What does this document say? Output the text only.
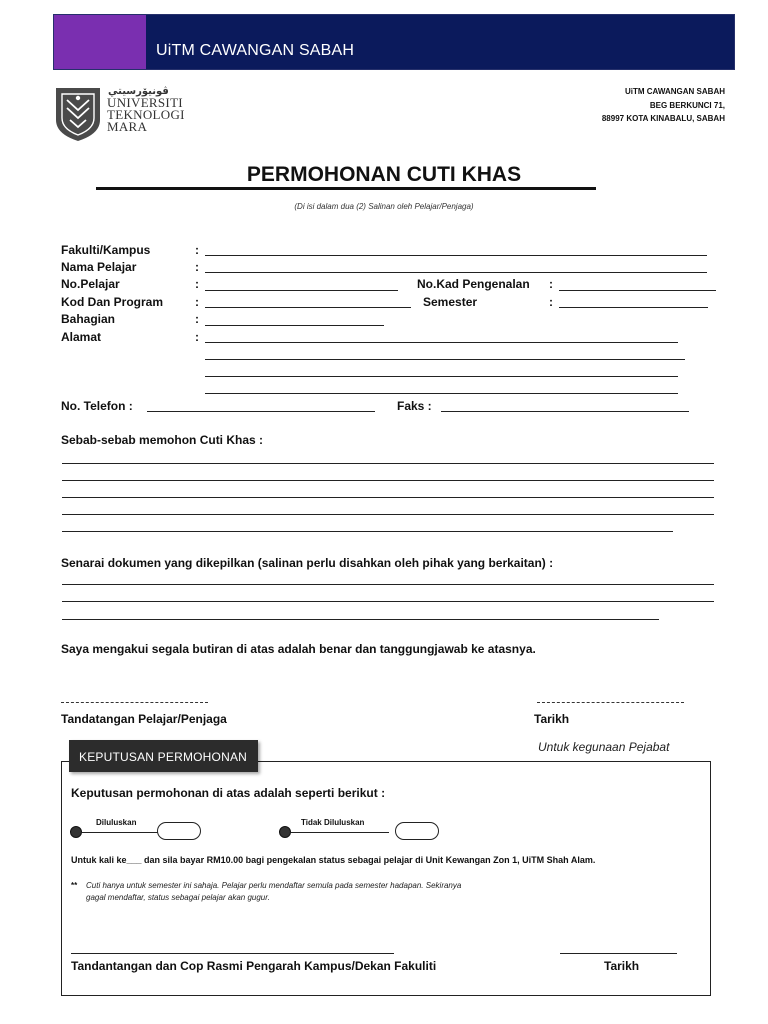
UiTM CAWANGAN SABAH
ﭬﻮﻧﻴﯚﺭﺳﻴﺘﻲ
UNIVERSITI
TEKNOLOGI
MARA
UiTM CAWANGAN SABAH
BEG BERKUNCI 71,
88997 KOTA KINABALU, SABAH
PERMOHONAN CUTI KHAS
(Di isi dalam dua (2) Salinan oleh Pelajar/Penjaga)
Fakulti/Kampus	:
Nama Pelajar	:
No.Pelajar	:	No.Kad Pengenalan :
Kod Dan Program	:	Semester	:
Bahagian	:
Alamat	:
No. Telefon :	Faks :
Sebab-sebab memohon Cuti Khas :
Senarai dokumen yang dikepilkan (salinan perlu disahkan oleh pihak yang berkaitan) :
Saya mengakui segala butiran di atas adalah benar dan tanggungjawab ke atasnya.
Tandatangan Pelajar/Penjaga	Tarikh
KEPUTUSAN PERMOHONAN
Untuk kegunaan Pejabat
Keputusan permohonan di atas adalah seperti berikut :
Diluluskan	Tidak Diluluskan
Untuk kali ke___ dan sila bayar RM10.00 bagi pengekalan status sebagai pelajar di Unit Kewangan Zon 1, UiTM Shah Alam.
** Cuti hanya untuk semester ini sahaja. Pelajar perlu mendaftar semula pada semester hadapan. Sekiranya
gagal mendaftar, status sebagai pelajar akan gugur.
Tandantangan dan Cop Rasmi Pengarah Kampus/Dekan Fakuliti	Tarikh
